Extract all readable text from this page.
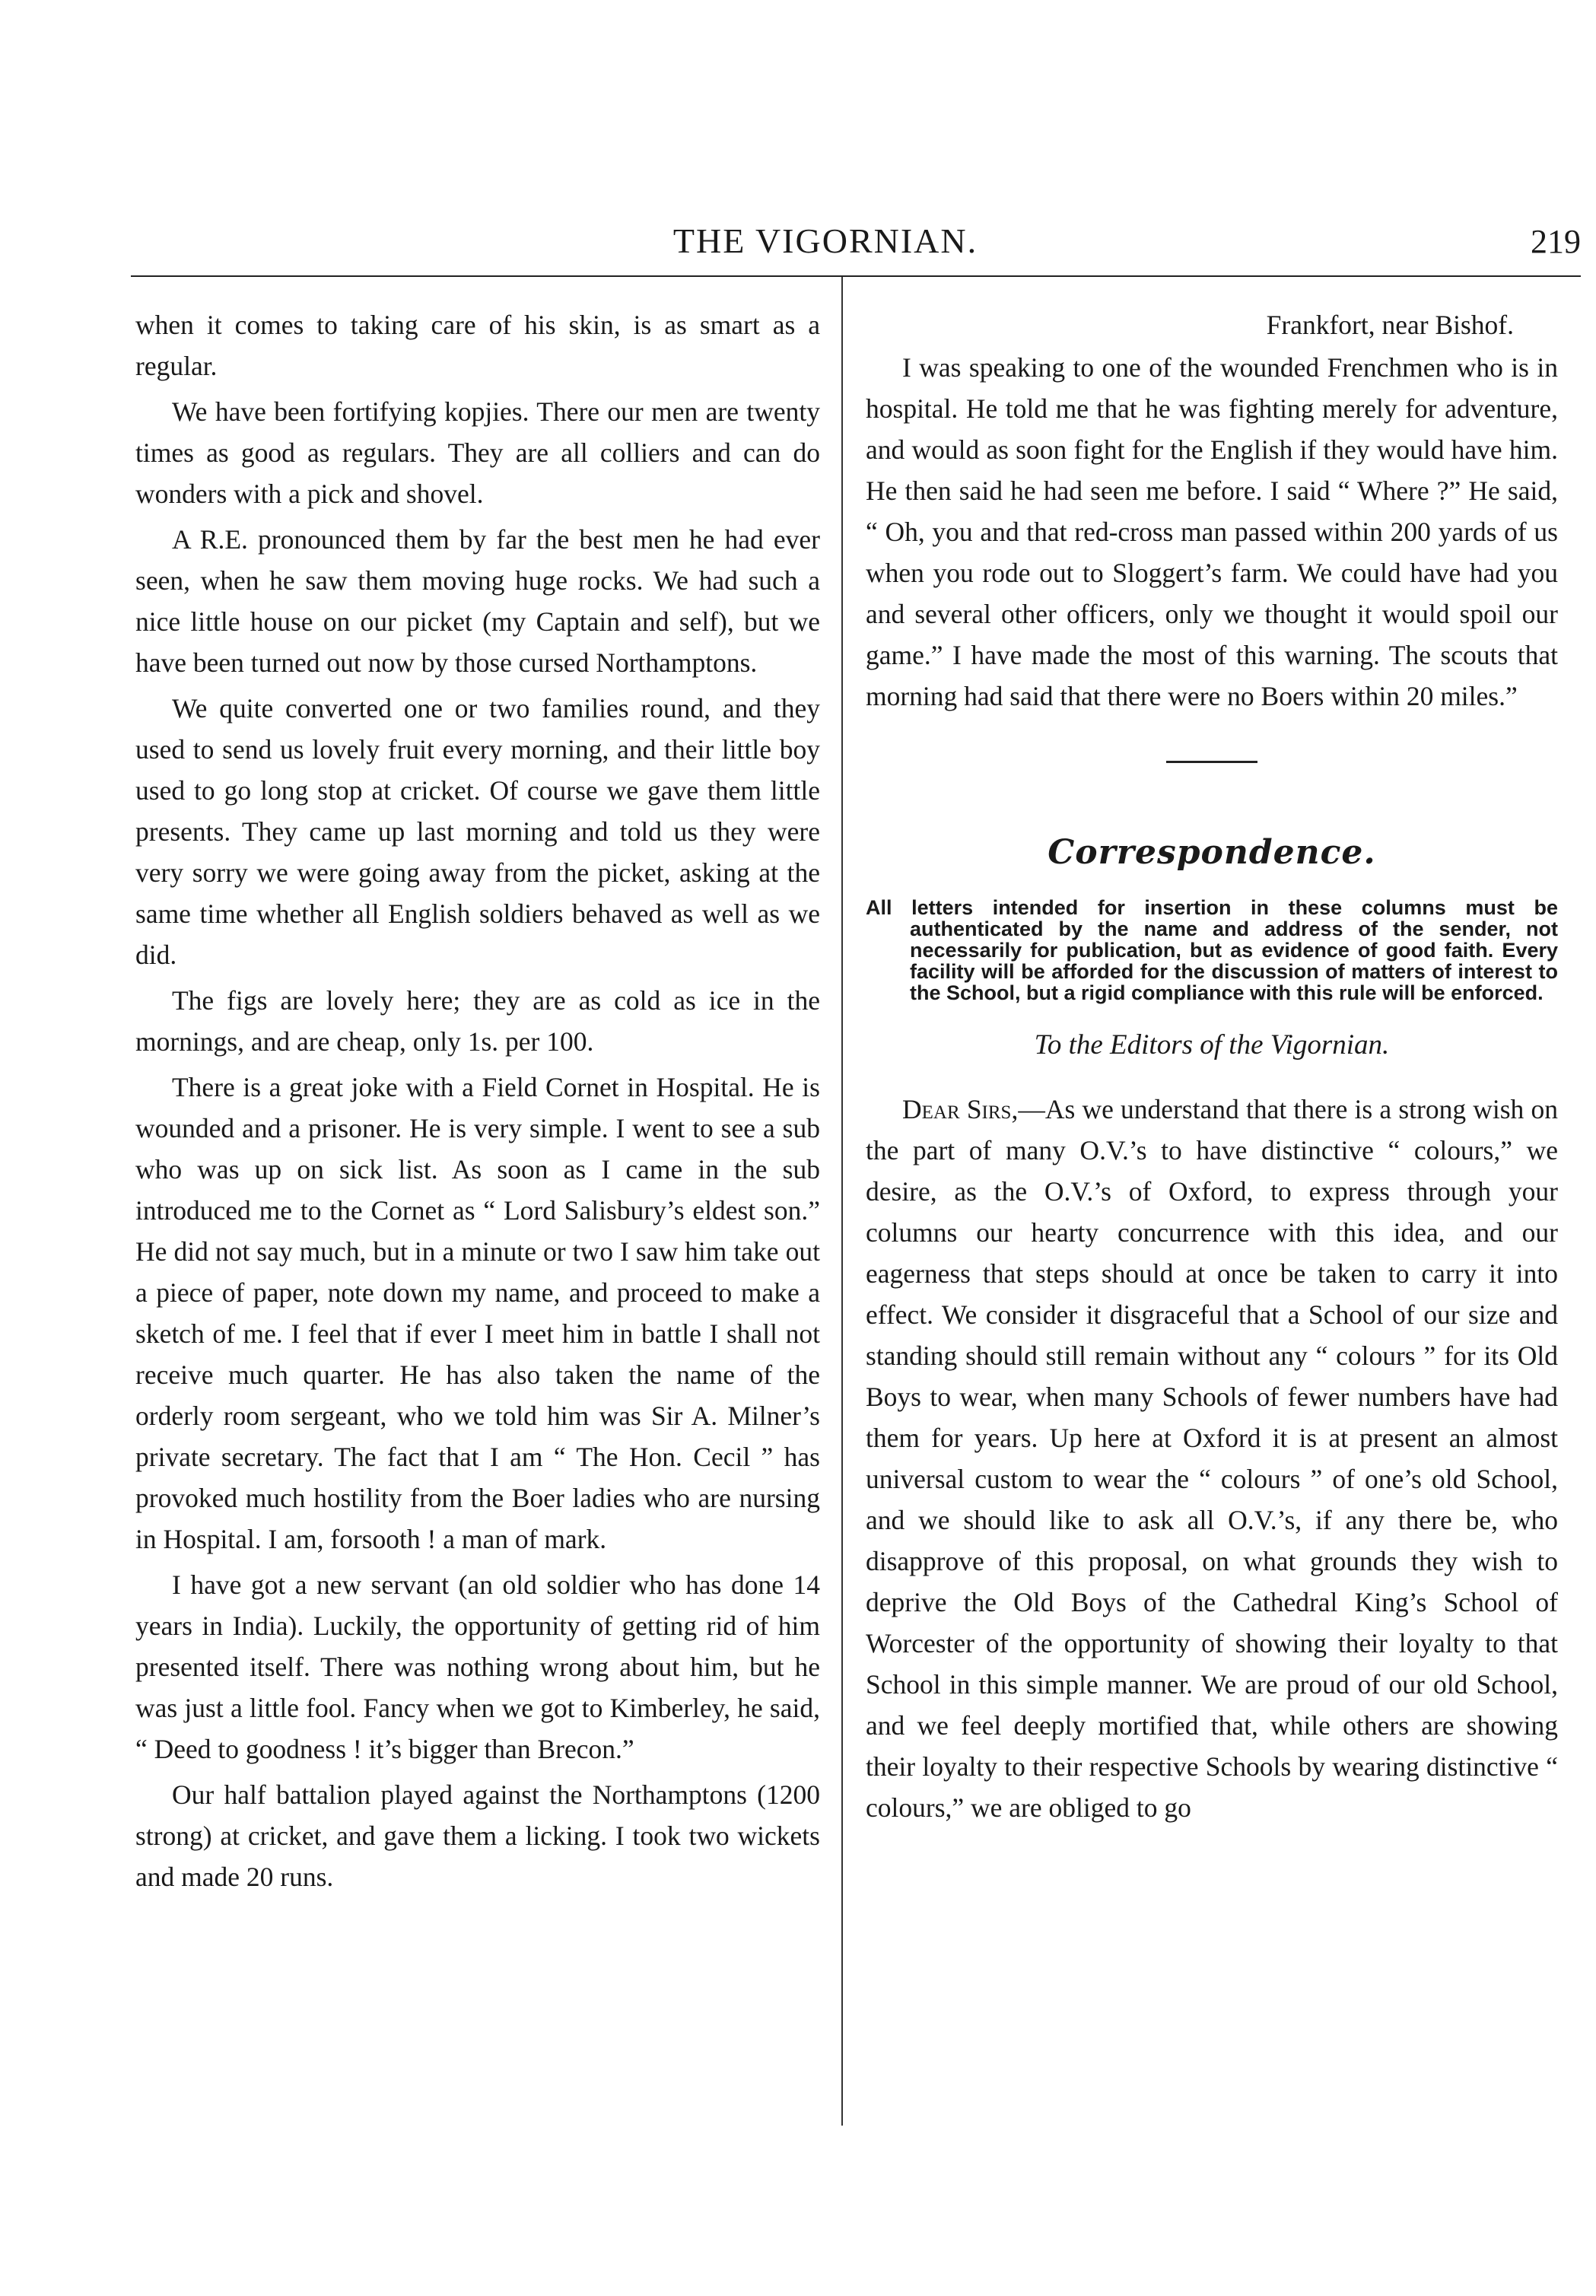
THE VIGORNIAN.	219

when it comes to taking care of his skin, is as smart as a regular.

We have been fortifying kopjies. There our men are twenty times as good as regulars. They are all colliers and can do wonders with a pick and shovel.

A R.E. pronounced them by far the best men he had ever seen, when he saw them moving huge rocks. We had such a nice little house on our picket (my Captain and self), but we have been turned out now by those cursed Northamptons.

We quite converted one or two families round, and they used to send us lovely fruit every morning, and their little boy used to go long stop at cricket. Of course we gave them little presents. They came up last morning and told us they were very sorry we were going away from the picket, asking at the same time whether all English soldiers behaved as well as we did.

The figs are lovely here; they are as cold as ice in the mornings, and are cheap, only 1s. per 100.

There is a great joke with a Field Cornet in Hospital. He is wounded and a prisoner. He is very simple. I went to see a sub who was up on sick list. As soon as I came in the sub introduced me to the Cornet as “ Lord Salisbury’s eldest son.” He did not say much, but in a minute or two I saw him take out a piece of paper, note down my name, and proceed to make a sketch of me. I feel that if ever I meet him in battle I shall not receive much quarter. He has also taken the name of the orderly room sergeant, who we told him was Sir A. Milner’s private secretary. The fact that I am “ The Hon. Cecil ” has provoked much hostility from the Boer ladies who are nursing in Hospital. I am, forsooth ! a man of mark.

I have got a new servant (an old soldier who has done 14 years in India). Luckily, the opportunity of getting rid of him presented itself. There was nothing wrong about him, but he was just a little fool. Fancy when we got to Kimberley, he said, “ Deed to goodness ! it’s bigger than Brecon.”

Our half battalion played against the Northamptons (1200 strong) at cricket, and gave them a licking. I took two wickets and made 20 runs.

Frankfort, near Bishof.

I was speaking to one of the wounded Frenchmen who is in hospital. He told me that he was fighting merely for adventure, and would as soon fight for the English if they would have him. He then said he had seen me before. I said “ Where ?” He said, “ Oh, you and that red-cross man passed within 200 yards of us when you rode out to Sloggert’s farm. We could have had you and several other officers, only we thought it would spoil our game.” I have made the most of this warning. The scouts that morning had said that there were no Boers within 20 miles.”

Correspondence.
All letters intended for insertion in these columns must be authenticated by the name and address of the sender, not necessarily for publication, but as evidence of good faith. Every facility will be afforded for the discussion of matters of interest to the School, but a rigid compliance with this rule will be enforced.
To the Editors of the Vigornian.

Dear Sirs,—As we understand that there is a strong wish on the part of many O.V.’s to have distinctive “ colours,” we desire, as the O.V.’s of Oxford, to express through your columns our hearty concurrence with this idea, and our eagerness that steps should at once be taken to carry it into effect. We consider it disgraceful that a School of our size and standing should still remain without any “ colours ” for its Old Boys to wear, when many Schools of fewer numbers have had them for years. Up here at Oxford it is at present an almost universal custom to wear the “ colours ” of one’s old School, and we should like to ask all O.V.’s, if any there be, who disapprove of this proposal, on what grounds they wish to deprive the Old Boys of the Cathedral King’s School of Worcester of the opportunity of showing their loyalty to that School in this simple manner. We are proud of our old School, and we feel deeply mortified that, while others are showing their loyalty to their respective Schools by wearing distinctive “ colours,” we are obliged to go
